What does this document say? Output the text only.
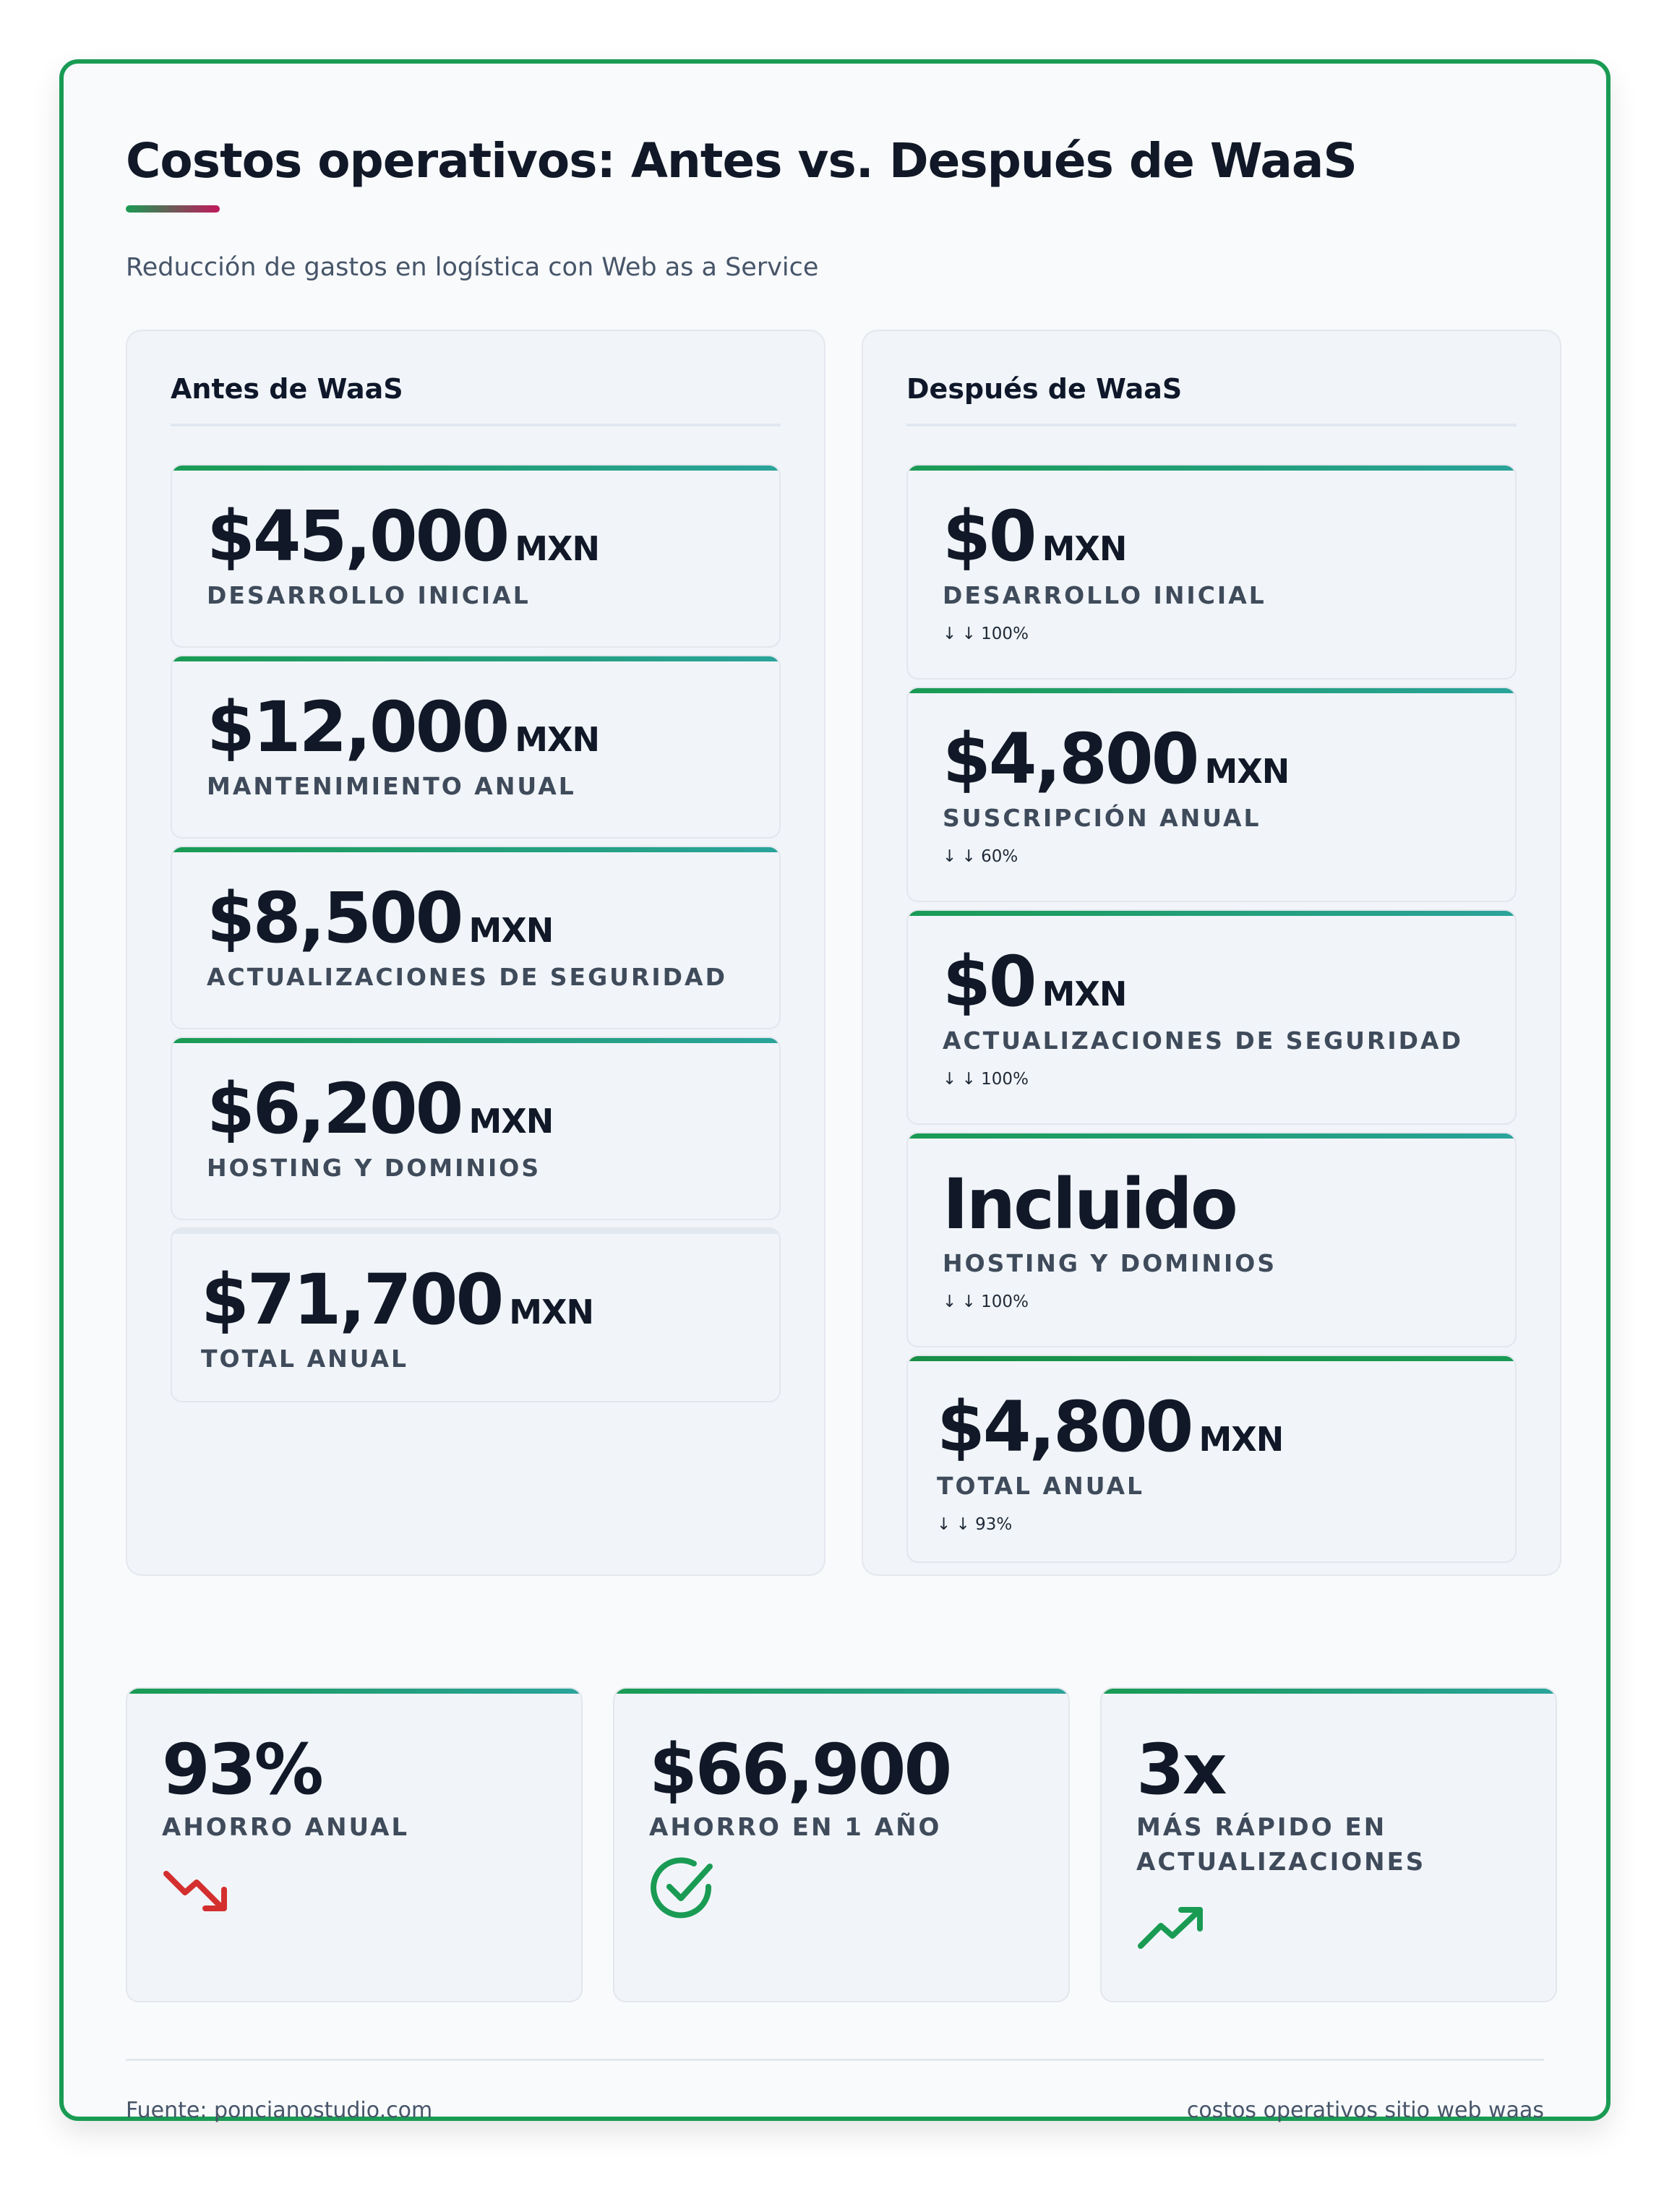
Costos operativos: Antes vs. Después de WaaS
Reducción de gastos en logística con Web as a Service
Antes de WaaS
$45,000 MXN
DESARROLLO INICIAL
$12,000 MXN
MANTENIMIENTO ANUAL
$8,500 MXN
ACTUALIZACIONES DE SEGURIDAD
$6,200 MXN
HOSTING Y DOMINIOS
$71,700 MXN
TOTAL ANUAL
Después de WaaS
$0 MXN
DESARROLLO INICIAL
↓ ↓ 100%
$4,800 MXN
SUSCRIPCIÓN ANUAL
↓ ↓ 60%
$0 MXN
ACTUALIZACIONES DE SEGURIDAD
↓ ↓ 100%
Incluido
HOSTING Y DOMINIOS
↓ ↓ 100%
$4,800 MXN
TOTAL ANUAL
↓ ↓ 93%
93%
AHORRO ANUAL
$66,900
AHORRO EN 1 AÑO
3x
MÁS RÁPIDO EN ACTUALIZACIONES
Fuente: poncianostudio.com	costos operativos sitio web waas
